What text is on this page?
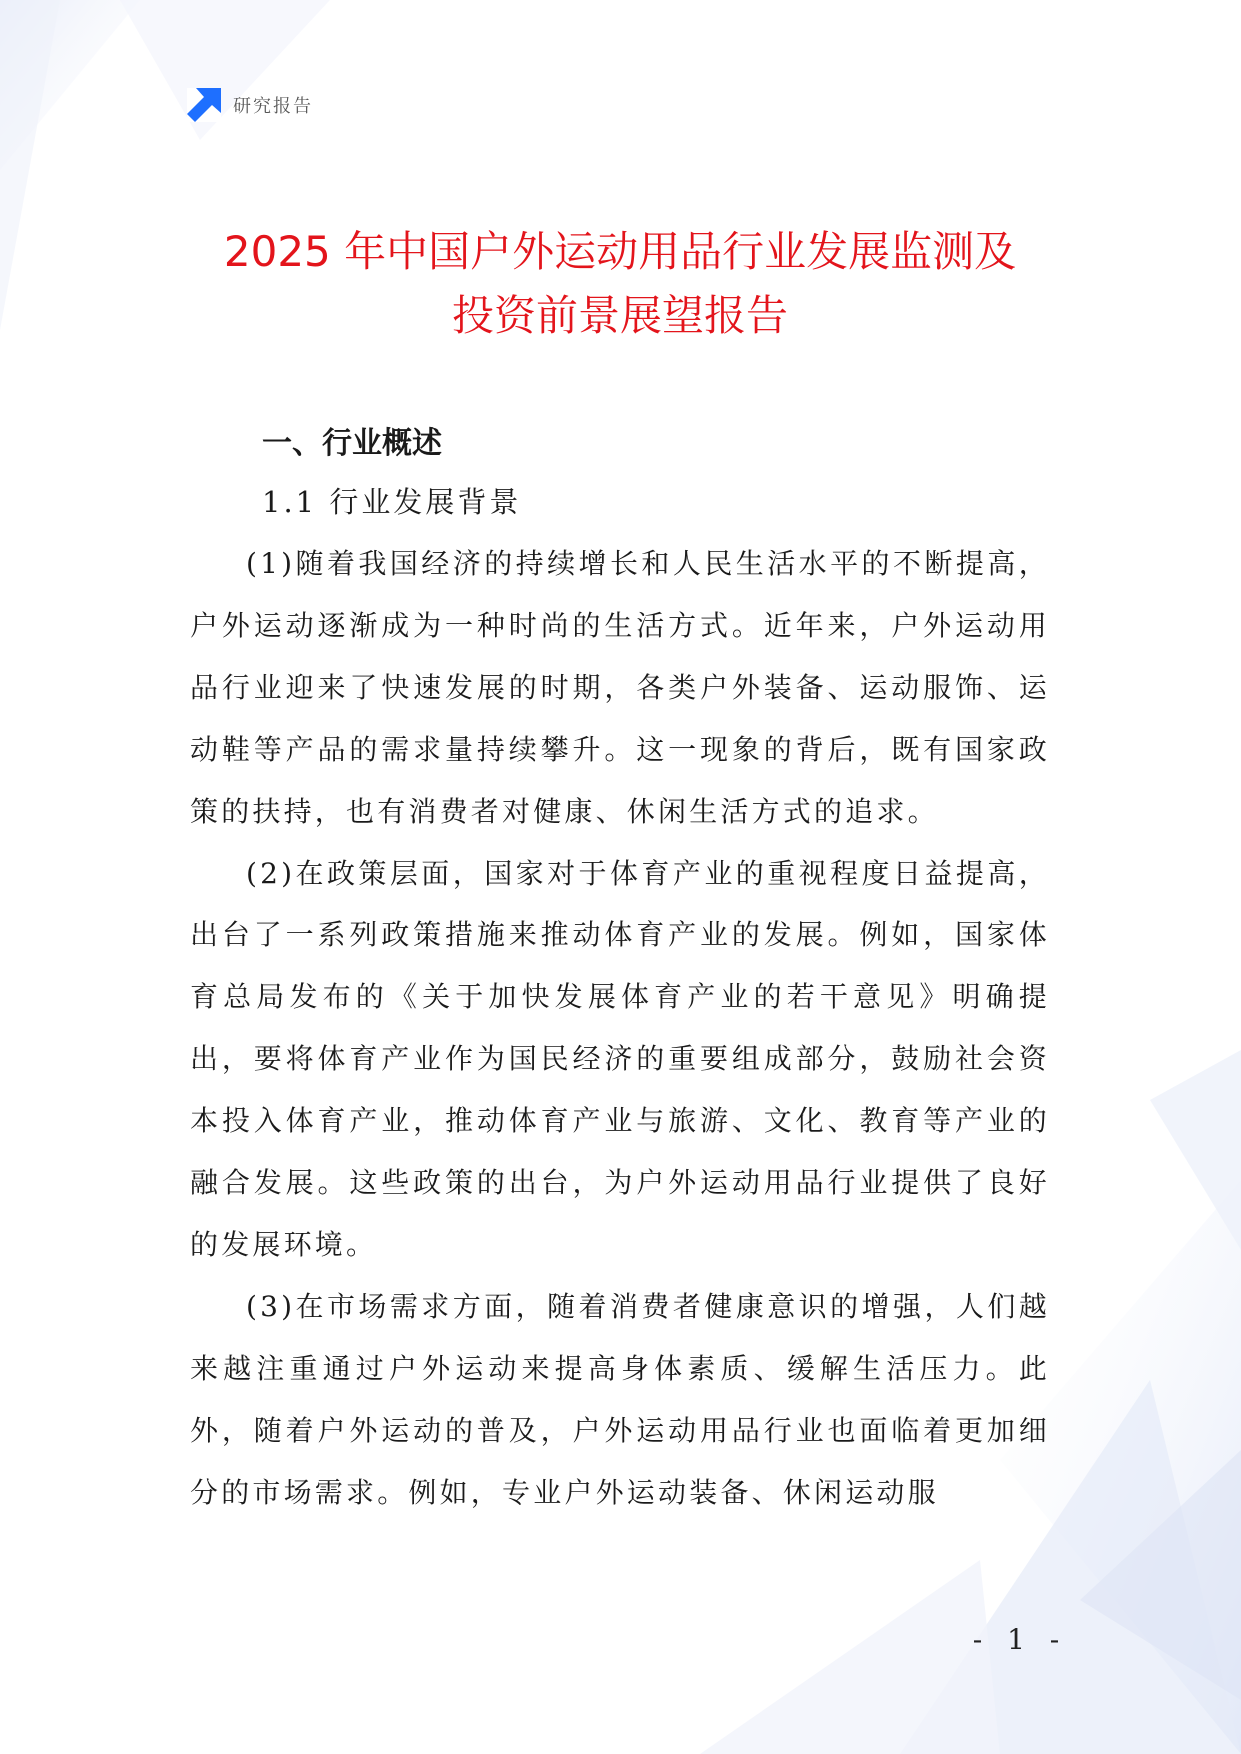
研究报告
2025 年中国户外运动用品行业发展监测及
投资前景展望报告
一、行业概述
1.1 行业发展背景

(1)随着我国经济的持续增长和人民生活水平的不断提高，户外运动逐渐成为一种时尚的生活方式。近年来，户外运动用品行业迎来了快速发展的时期，各类户外装备、运动服饰、运动鞋等产品的需求量持续攀升。这一现象的背后，既有国家政策的扶持，也有消费者对健康、休闲生活方式的追求。

(2)在政策层面，国家对于体育产业的重视程度日益提高，出台了一系列政策措施来推动体育产业的发展。例如，国家体育总局发布的《关于加快发展体育产业的若干意见》明确提出，要将体育产业作为国民经济的重要组成部分，鼓励社会资本投入体育产业，推动体育产业与旅游、文化、教育等产业的融合发展。这些政策的出台，为户外运动用品行业提供了良好的发展环境。

(3)在市场需求方面，随着消费者健康意识的增强，人们越来越注重通过户外运动来提高身体素质、缓解生活压力。此外，随着户外运动的普及，户外运动用品行业也面临着更加细分的市场需求。例如，专业户外运动装备、休闲运动服

- 1 -
